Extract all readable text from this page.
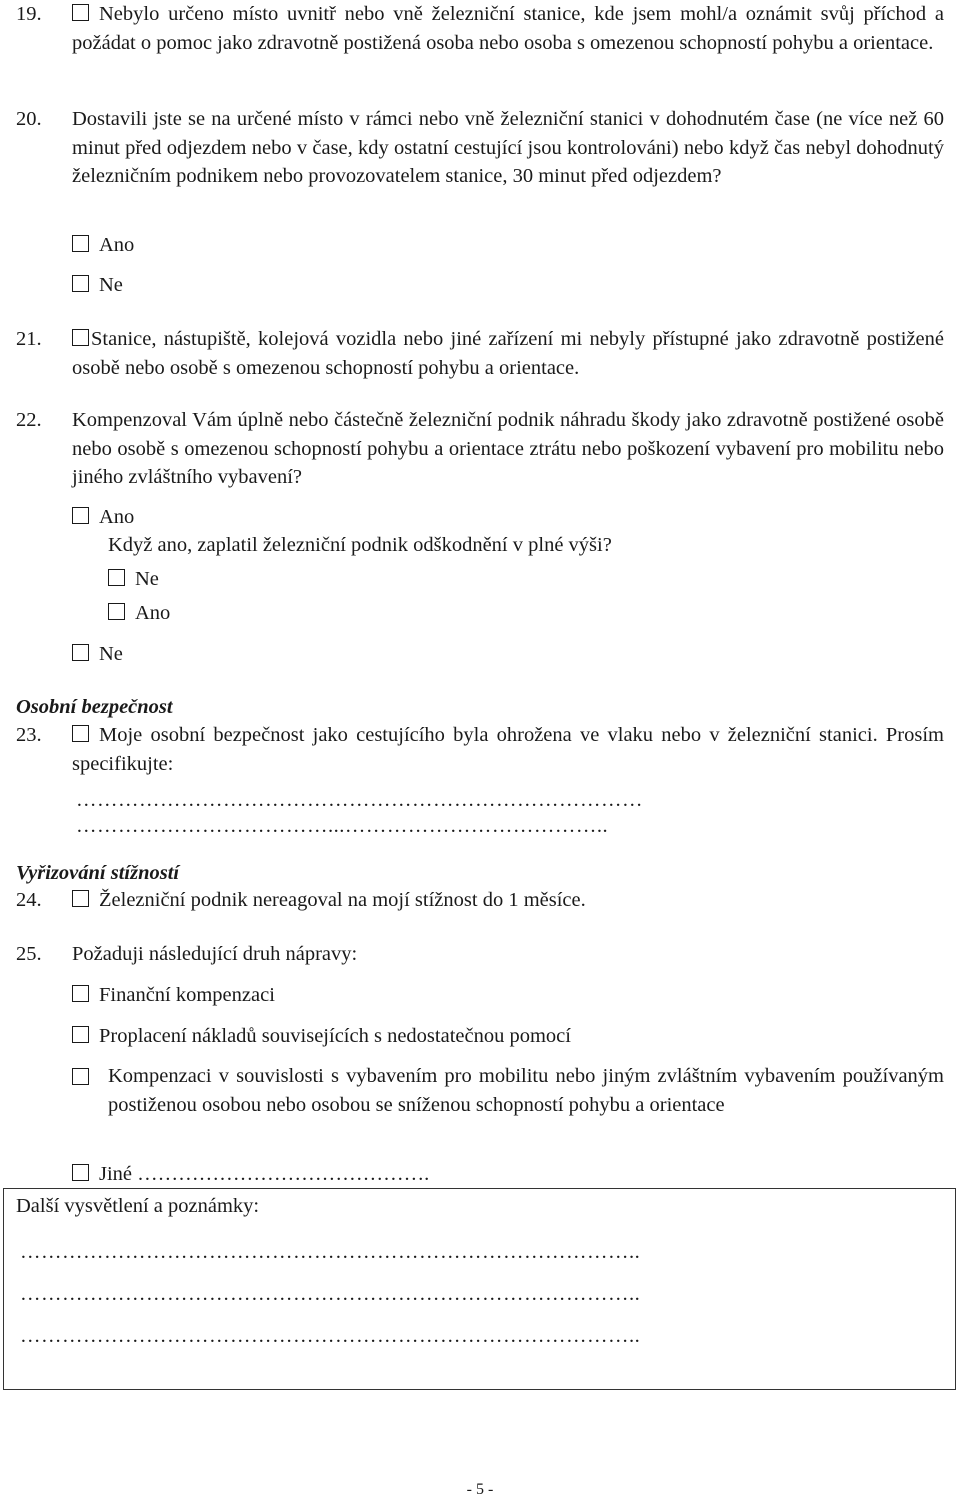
19.	Nebylo určeno místo uvnitř nebo vně železniční stanice, kde jsem mohl/a oznámit svůj příchod a požádat o pomoc jako zdravotně postižená osoba nebo osoba s omezenou schopností pohybu a orientace.
20. Dostavili jste se na určené místo v rámci nebo vně železniční stanici v dohodnutém čase (ne více než 60 minut před odjezdem nebo v čase, kdy ostatní cestující jsou kontrolováni) nebo když čas nebyl dohodnutý železničním podnikem nebo provozovatelem stanice, 30 minut před odjezdem?
Ano
Ne
21.	Stanice, nástupiště, kolejová vozidla nebo jiné zařízení mi nebyly přístupné jako zdravotně postižené osobě nebo osobě s omezenou schopností pohybu a orientace.
22. Kompenzoval Vám úplně nebo částečně železniční podnik náhradu škody jako zdravotně postižené osobě nebo osobě s omezenou schopností pohybu a orientace ztrátu nebo poškození vybavení pro mobilitu nebo jiného zvláštního vybavení?
Ano
Když ano, zaplatil železniční podnik odškodnění v plné výši?
Ne
Ano
Ne
Osobní bezpečnost
23.	Moje osobní bezpečnost jako cestujícího byla ohrožena ve vlaku nebo v železniční stanici. Prosím specifikujte:
………………………………………………………………………
………………………………...………………………………..
Vyřizování stížností
24.	Železniční podnik nereagoval na mojí stížnost do 1 měsíce.
25. Požaduji následující druh nápravy:
Finanční kompenzaci
Proplacení nákladů souvisejících s nedostatečnou pomocí
Kompenzaci v souvislosti s vybavením pro mobilitu nebo jiným zvláštním vybavením používaným postiženou osobou nebo osobou se sníženou schopností pohybu a orientace
Jiné …………………………………….
Další vysvětlení a poznámky:
……………………………………………………………………………..
……………………………………………………………………………..
……………………………………………………………………………..
- 5 -
